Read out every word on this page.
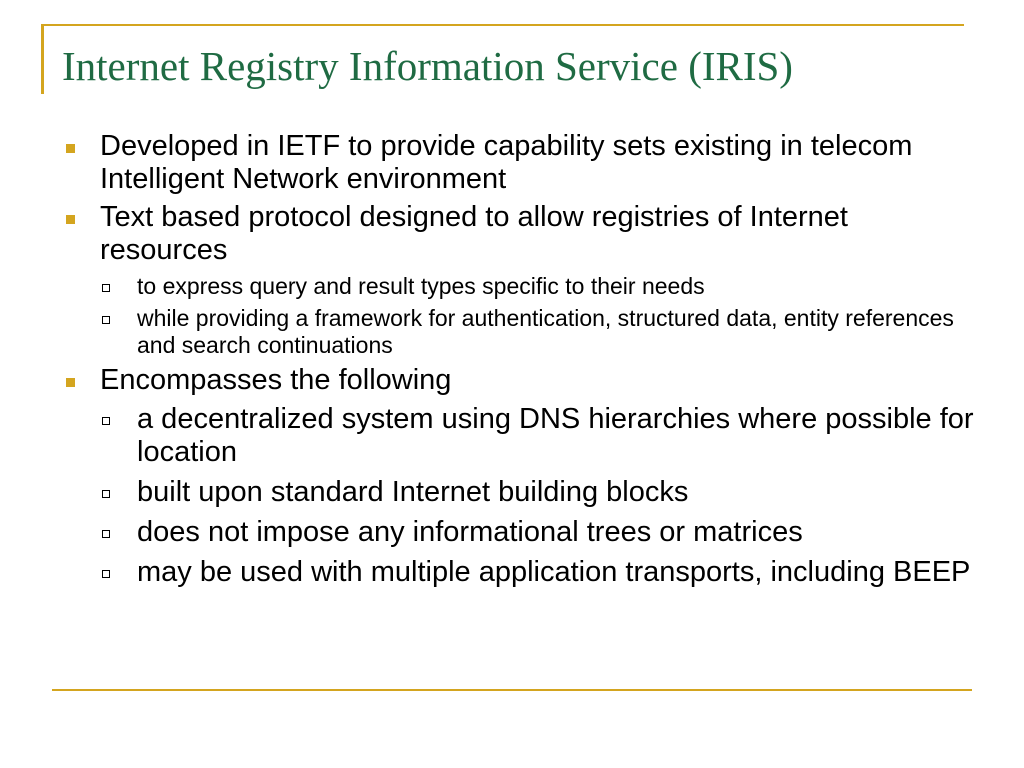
Internet Registry Information Service (IRIS)
Developed in IETF to provide capability sets existing in telecom Intelligent Network environment
Text based protocol designed to allow registries of Internet resources
to express query and result types specific to their needs
while providing a framework for authentication, structured data, entity references and search continuations
Encompasses the following
a decentralized system using DNS hierarchies where possible for location
built upon standard Internet building blocks
does not impose any informational trees or matrices
may be used with multiple application transports, including BEEP
